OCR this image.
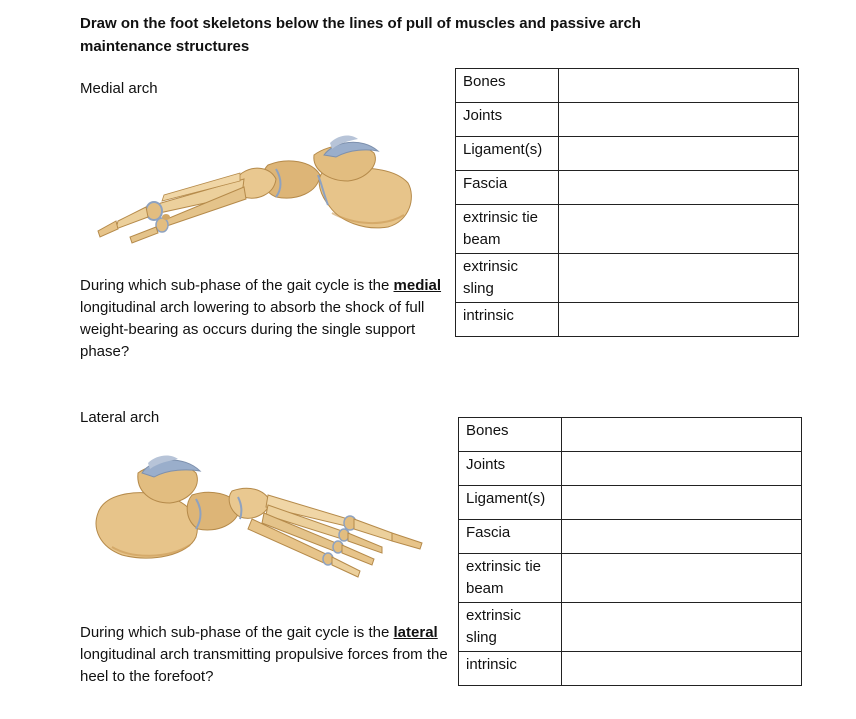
Draw on the foot skeletons below the lines of pull of muscles and passive arch
maintenance structures
Medial arch
During which sub-phase of the gait cycle is the medial longitudinal arch lowering to absorb the shock of full weight-bearing as occurs during the single support phase?
Bones	
Joints	
Ligament(s)	
Fascia	
extrinsic tie beam	
extrinsic sling	
intrinsic	
Lateral arch
During which sub-phase of the gait cycle is the lateral longitudinal arch transmitting propulsive forces from the heel to the forefoot?
Bones	
Joints	
Ligament(s)	
Fascia	
extrinsic tie beam	
extrinsic sling	
intrinsic	
